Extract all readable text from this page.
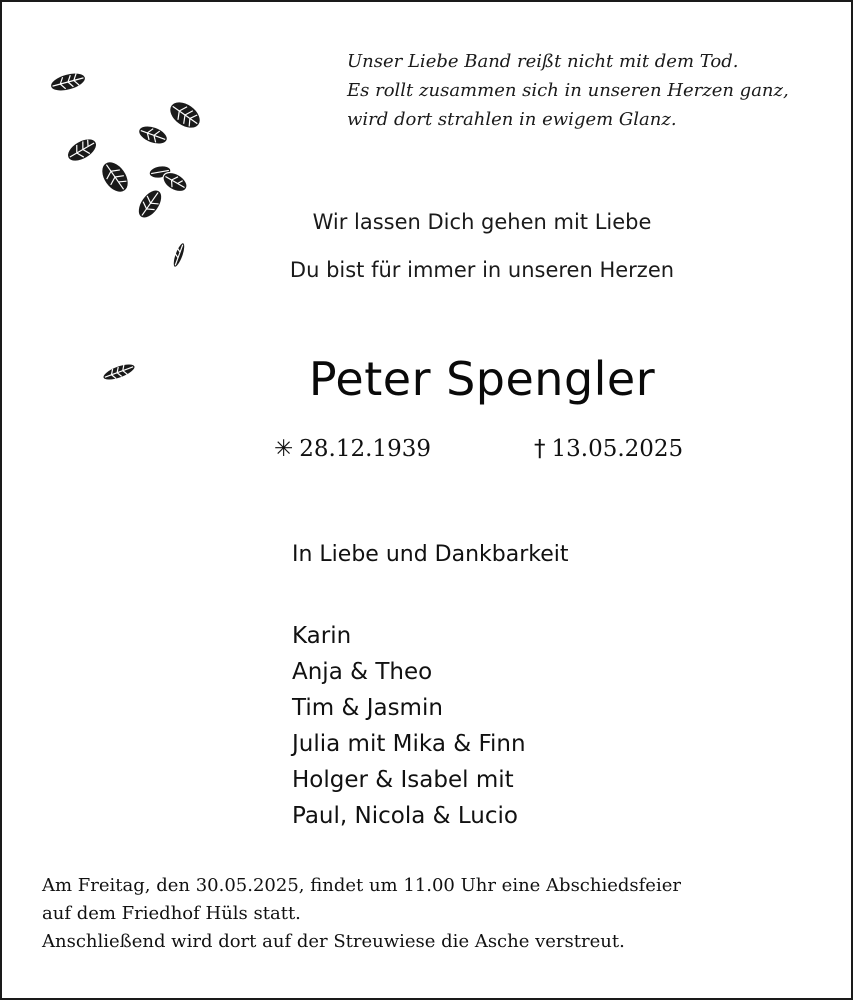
Unser Liebe Band reißt nicht mit dem Tod.
Es rollt zusammen sich in unseren Herzen ganz,
wird dort strahlen in ewigem Glanz.
Wir lassen Dich gehen mit Liebe
Du bist für immer in unseren Herzen
Peter Spengler
✳ 28.12.1939	† 13.05.2025
In Liebe und Dankbarkeit
Karin
Anja & Theo
Tim & Jasmin
Julia mit Mika & Finn
Holger & Isabel mit
Paul, Nicola & Lucio
Am Freitag, den 30.05.2025, findet um 11.00 Uhr eine Abschiedsfeier
auf dem Friedhof Hüls statt.
Anschließend wird dort auf der Streuwiese die Asche verstreut.
